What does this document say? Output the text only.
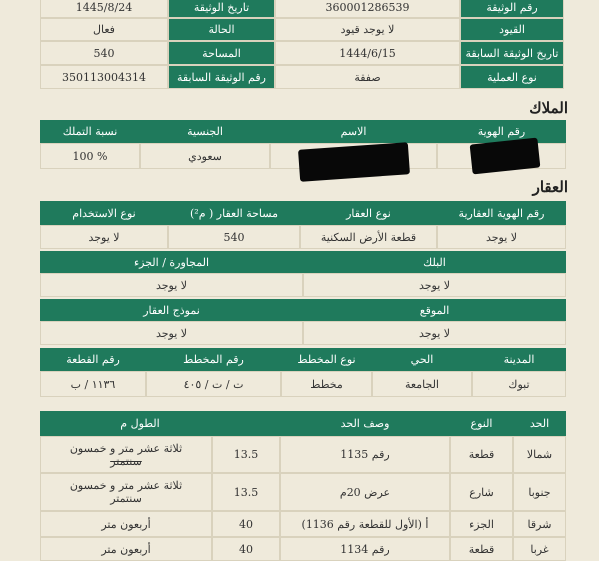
رقم الوثيقة
360001286539
تاريخ الوثيقة
1445/8/24
القيود
لا يوجد قيود
الحالة
فعال
تاريخ الوثيقة السابقة
1444/6/15
المساحة
540
نوع العملية
صفقة
رقم الوثيقة السابقة
350113004314
الملاك
رقم الهوية
الاسم
الجنسية
نسبة التملك
سعودي
100 %
العقار
رقم الهوية العقارية
نوع العقار
مساحة العقار ( م²)
نوع الاستخدام
لا يوجد
قطعة الأرض السكنية
540
لا يوجد
البلك
المجاورة / الجزء
لا يوجد
لا يوجد
الموقع
نموذج العقار
لا يوجد
لا يوجد
المدينة
الحي
نوع المخطط
رقم المخطط
رقم القطعة
تبوك
الجامعة
مخطط
ت / ت / ٤٠٥
١١٣٦ / ب
الحد
النوع
وصف الحد
الطول م
شمالا
قطعة
رقم 1135
13.5
ثلاثة عشر متر و خمسون
سنتمتر
جنوبا
شارع
عرض 20م
13.5
ثلاثة عشر متر و خمسون
سنتمتر
شرقا
الجزء
(الأول للقطعة رقم 1136) أ
40
أربعون متر
غربا
قطعة
رقم 1134
40
أربعون متر
